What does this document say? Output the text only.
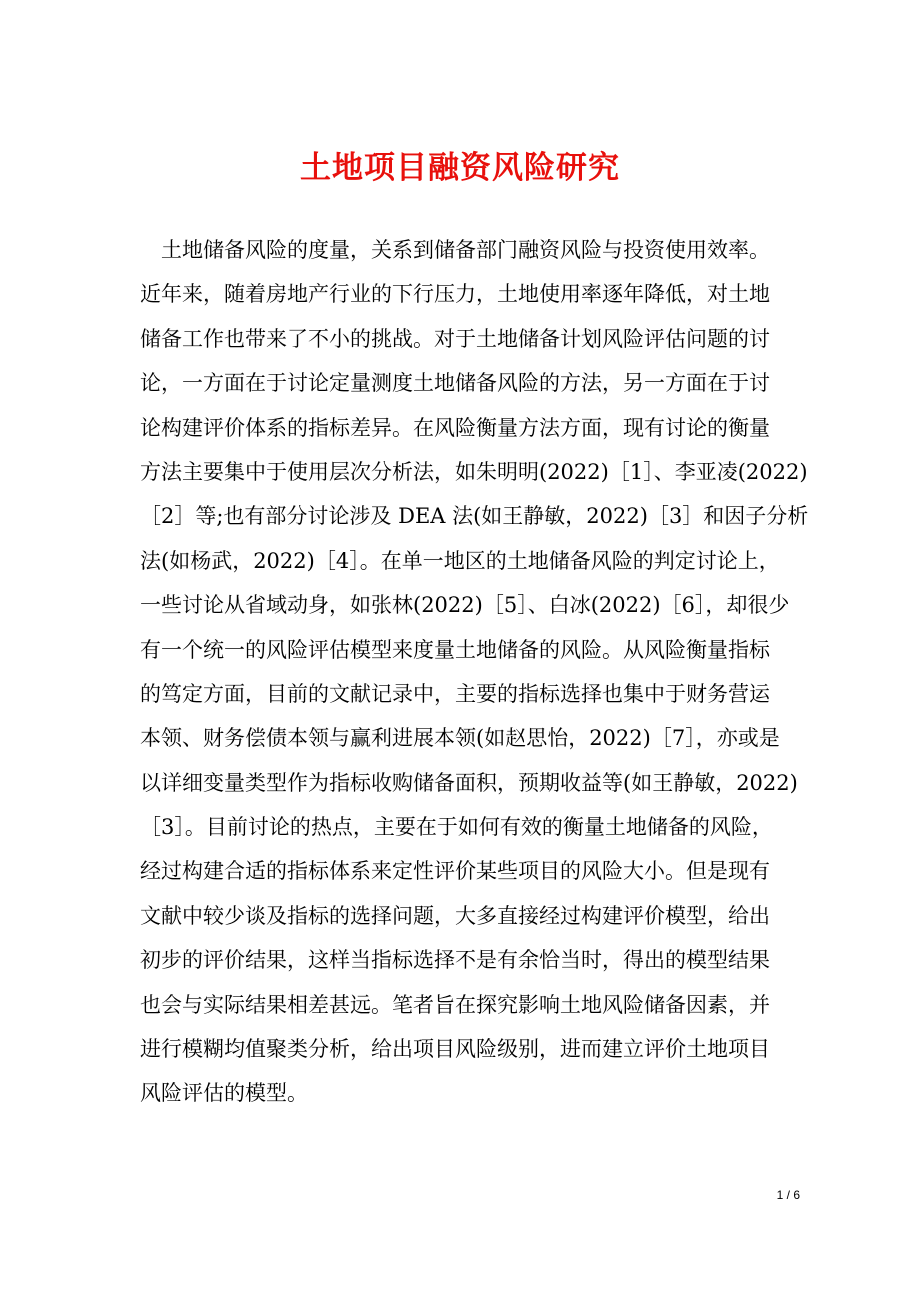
土地项目融资风险研究
土地储备风险的度量，关系到储备部门融资风险与投资使用效率。
近年来，随着房地产行业的下行压力，土地使用率逐年降低，对土地
储备工作也带来了不小的挑战。对于土地储备计划风险评估问题的讨
论，一方面在于讨论定量测度土地储备风险的方法，另一方面在于讨
论构建评价体系的指标差异。在风险衡量方法方面，现有讨论的衡量
方法主要集中于使用层次分析法，如朱明明(2022)［1］、李亚凌(2022)
［2］等;也有部分讨论涉及 DEA 法(如王静敏，2022)［3］和因子分析
法(如杨武，2022)［4］。在单一地区的土地储备风险的判定讨论上，
一些讨论从省域动身，如张林(2022)［5］、白冰(2022)［6］，却很少
有一个统一的风险评估模型来度量土地储备的风险。从风险衡量指标
的笃定方面，目前的文献记录中，主要的指标选择也集中于财务营运
本领、财务偿债本领与赢利进展本领(如赵思怡，2022)［7］，亦或是
以详细变量类型作为指标收购储备面积，预期收益等(如王静敏，2022)
［3］。目前讨论的热点，主要在于如何有效的衡量土地储备的风险，
经过构建合适的指标体系来定性评价某些项目的风险大小。但是现有
文献中较少谈及指标的选择问题，大多直接经过构建评价模型，给出
初步的评价结果，这样当指标选择不是有余恰当时，得出的模型结果
也会与实际结果相差甚远。笔者旨在探究影响土地风险储备因素，并
进行模糊均值聚类分析，给出项目风险级别，进而建立评价土地项目
风险评估的模型。
1 / 6
